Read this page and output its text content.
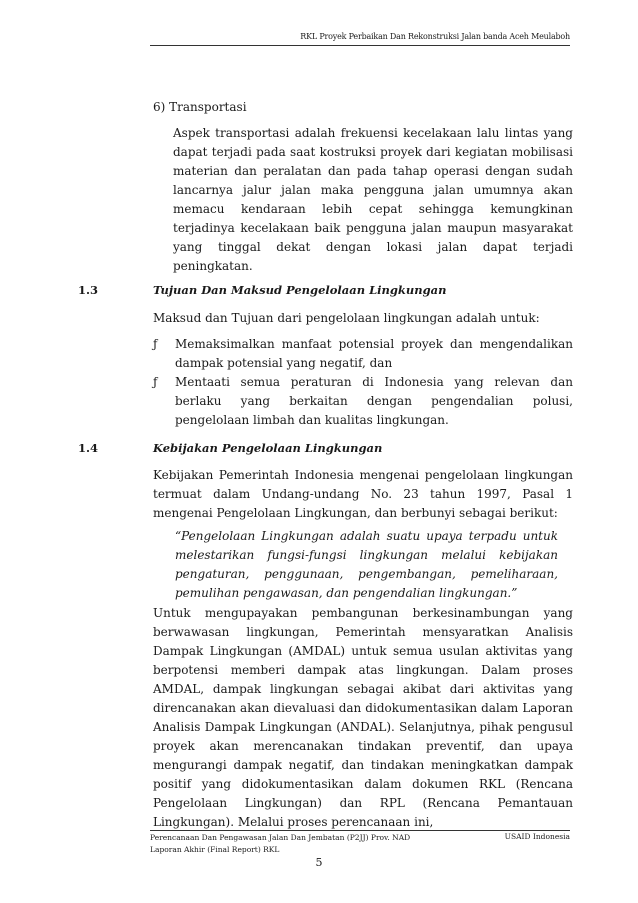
RKL Proyek Perbaikan Dan Rekonstruksi Jalan banda Aceh Meulaboh
6) Transportasi
Aspek transportasi adalah frekuensi kecelakaan lalu lintas yang dapat terjadi pada saat kostruksi proyek dari kegiatan mobilisasi materian dan peralatan dan pada tahap operasi dengan sudah lancarnya jalur jalan maka pengguna jalan umumnya akan memacu kendaraan lebih cepat sehingga kemungkinan terjadinya kecelakaan baik pengguna jalan maupun masyarakat yang tinggal dekat dengan lokasi jalan dapat terjadi peningkatan.
1.3	Tujuan Dan Maksud Pengelolaan Lingkungan
Maksud dan Tujuan dari pengelolaan lingkungan adalah untuk:
ƒ Memaksimalkan manfaat potensial proyek dan mengendalikan dampak potensial yang negatif, dan
ƒ Mentaati semua peraturan di Indonesia yang relevan dan berlaku yang berkaitan dengan pengendalian polusi, pengelolaan limbah dan kualitas lingkungan.
1.4	Kebijakan Pengelolaan Lingkungan
Kebijakan Pemerintah Indonesia mengenai pengelolaan lingkungan termuat dalam Undang-undang No. 23 tahun 1997, Pasal 1 mengenai Pengelolaan Lingkungan, dan berbunyi sebagai berikut:
“Pengelolaan Lingkungan adalah suatu upaya terpadu untuk melestarikan fungsi-fungsi lingkungan melalui kebijakan pengaturan, penggunaan, pengembangan, pemeliharaan, pemulihan pengawasan, dan pengendalian lingkungan.”
Untuk mengupayakan pembangunan berkesinambungan yang berwawasan lingkungan, Pemerintah mensyaratkan Analisis Dampak Lingkungan (AMDAL) untuk semua usulan aktivitas yang berpotensi memberi dampak atas lingkungan. Dalam proses AMDAL, dampak lingkungan sebagai akibat dari aktivitas yang direncanakan akan dievaluasi dan didokumentasikan dalam Laporan Analisis Dampak Lingkungan (ANDAL). Selanjutnya, pihak pengusul proyek akan merencanakan tindakan preventif, dan upaya mengurangi dampak negatif, dan tindakan meningkatkan dampak positif yang didokumentasikan dalam dokumen RKL (Rencana Pengelolaan Lingkungan) dan RPL (Rencana Pemantauan Lingkungan). Melalui proses perencanaan ini,
Perencanaan Dan Pengawasan Jalan Dan Jembatan (P2JJ) Prov. NAD
Laporan Akhir (Final Report) RKL
USAID Indonesia
5
